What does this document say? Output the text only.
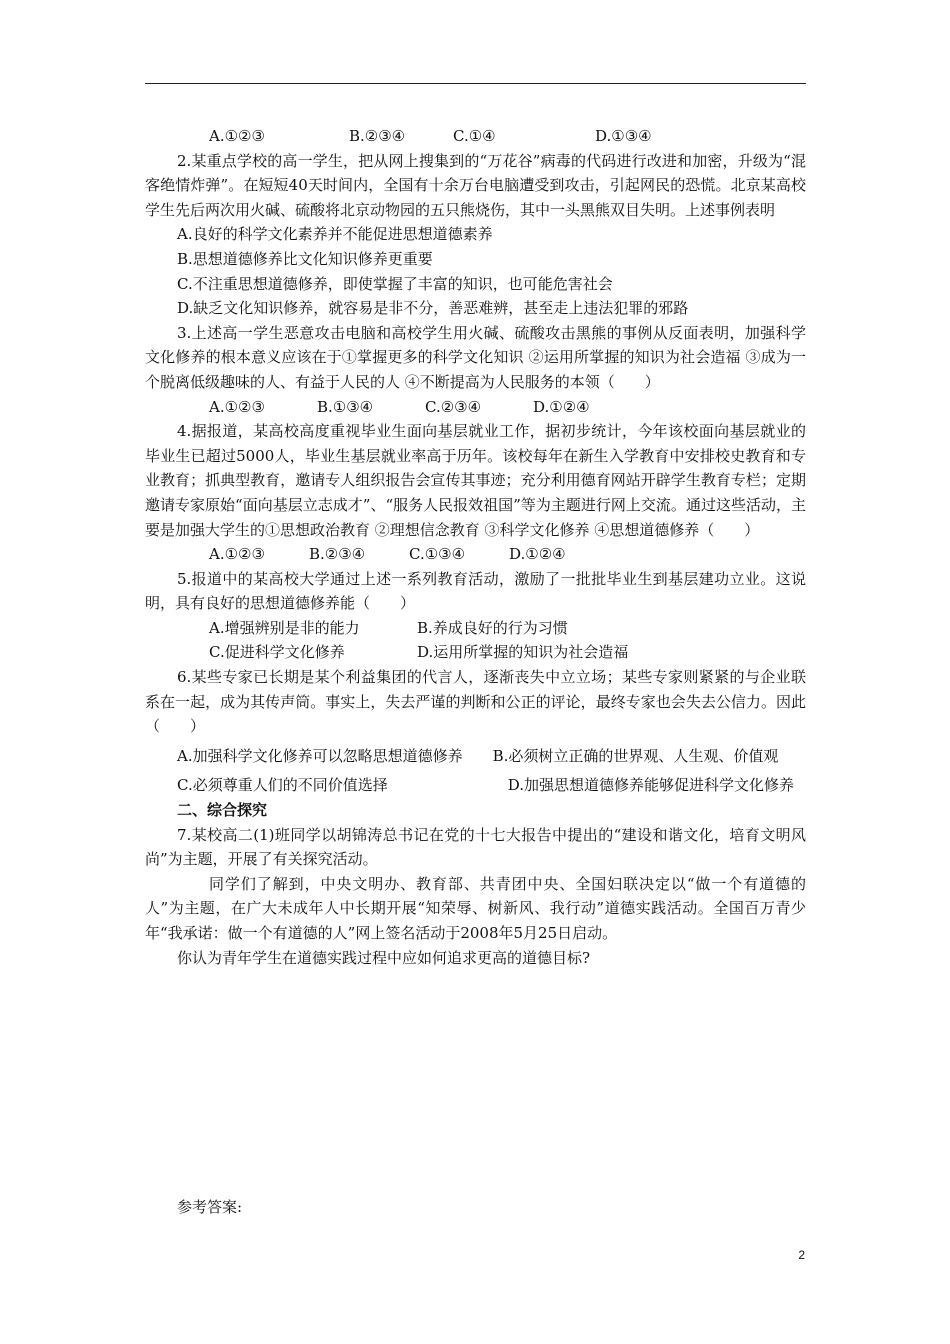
A.①②③	B.②③④	C.①④	D.①③④

2.某重点学校的高一学生，把从网上搜集到的“万花谷”病毒的代码进行改进和加密，升级为“混客绝情炸弹”。在短短40天时间内，全国有十余万台电脑遭受到攻击，引起网民的恐慌。北京某高校学生先后两次用火碱、硫酸将北京动物园的五只熊烧伤，其中一头黑熊双目失明。上述事例表明

A.良好的科学文化素养并不能促进思想道德素养

B.思想道德修养比文化知识修养更重要

C.不注重思想道德修养，即使掌握了丰富的知识，也可能危害社会

D.缺乏文化知识修养，就容易是非不分，善恶难辨，甚至走上违法犯罪的邪路

3.上述高一学生恶意攻击电脑和高校学生用火碱、硫酸攻击黑熊的事例从反面表明，加强科学文化修养的根本意义应该在于①掌握更多的科学文化知识 ②运用所掌握的知识为社会造福 ③成为一个脱离低级趣味的人、有益于人民的人 ④不断提高为人民服务的本领（　　）

A.①②③	B.①③④	C.②③④	D.①②④

4.据报道，某高校高度重视毕业生面向基层就业工作，据初步统计，今年该校面向基层就业的毕业生已超过5000人，毕业生基层就业率高于历年。该校每年在新生入学教育中安排校史教育和专业教育；抓典型教育，邀请专人组织报告会宣传其事迹；充分利用德育网站开辟学生教育专栏；定期邀请专家原始“面向基层立志成才”、“服务人民报效祖国”等为主题进行网上交流。通过这些活动，主要是加强大学生的①思想政治教育 ②理想信念教育 ③科学文化修养 ④思想道德修养（　　）

A.①②③	B.②③④	C.①③④	D.①②④

5.报道中的某高校大学通过上述一系列教育活动，激励了一批批毕业生到基层建功立业。这说明，具有良好的思想道德修养能（　　）

A.增强辨别是非的能力	B.养成良好的行为习惯
C.促进科学文化修养	D.运用所掌握的知识为社会造福

6.某些专家已长期是某个利益集团的代言人，逐渐丧失中立立场；某些专家则紧紧的与企业联系在一起，成为其传声筒。事实上，失去严谨的判断和公正的评论，最终专家也会失去公信力。因此（　　）

A.加强科学文化修养可以忽略思想道德修养　　B.必须树立正确的世界观、人生观、价值观

C.必须尊重人们的不同价值选择　　　　　　　　D.加强思想道德修养能够促进科学文化修养

二、综合探究

7.某校高二(1)班同学以胡锦涛总书记在党的十七大报告中提出的“建设和谐文化，培育文明风尚”为主题，开展了有关探究活动。

同学们了解到，中央文明办、教育部、共青团中央、全国妇联决定以“做一个有道德的人”为主题，在广大未成年人中长期开展“知荣辱、树新风、我行动”道德实践活动。全国百万青少年“我承诺：做一个有道德的人”网上签名活动于2008年5月25日启动。

你认为青年学生在道德实践过程中应如何追求更高的道德目标?

参考答案:
2
